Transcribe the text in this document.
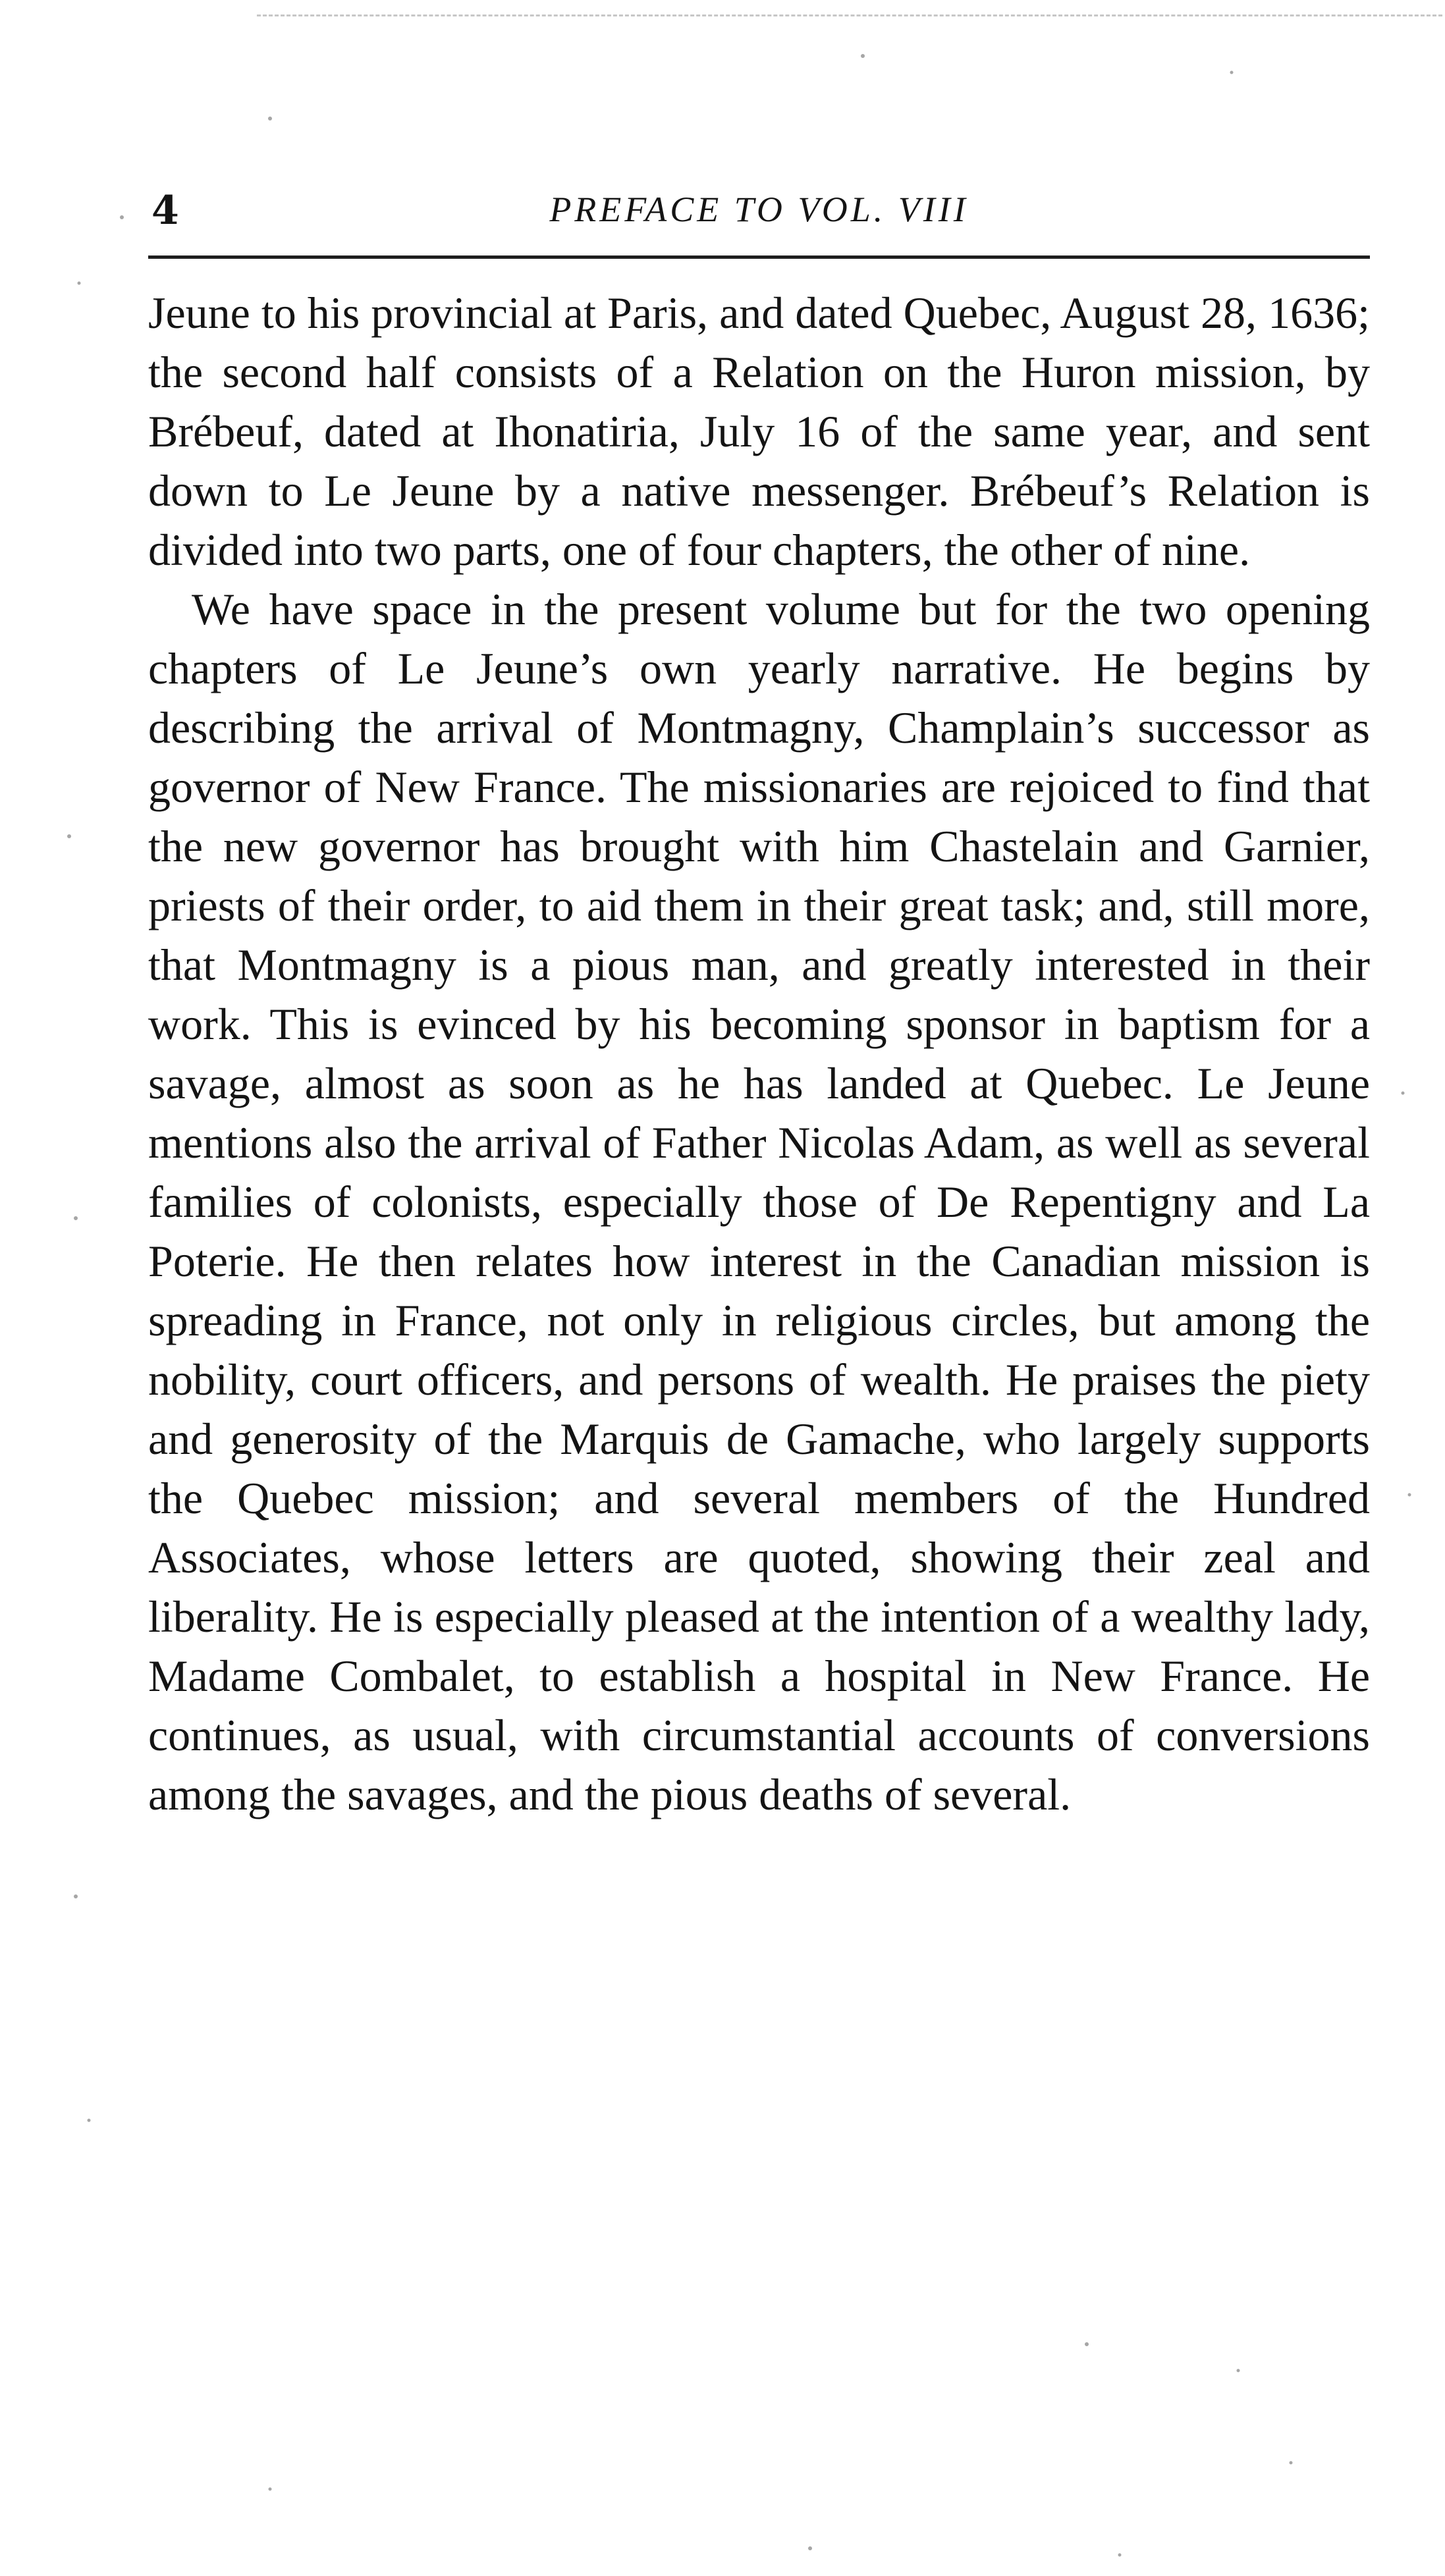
4	PREFACE TO VOL. VIII

Jeune to his provincial at Paris, and dated Quebec, August 28, 1636; the second half consists of a Relation on the Huron mission, by Brébeuf, dated at Ihonatiria, July 16 of the same year, and sent down to Le Jeune by a native messenger. Brébeuf’s Relation is divided into two parts, one of four chapters, the other of nine.

We have space in the present volume but for the two opening chapters of Le Jeune’s own yearly narrative. He begins by describing the arrival of Montmagny, Champlain’s successor as governor of New France. The missionaries are rejoiced to find that the new governor has brought with him Chastelain and Garnier, priests of their order, to aid them in their great task; and, still more, that Montmagny is a pious man, and greatly interested in their work. This is evinced by his becoming sponsor in baptism for a savage, almost as soon as he has landed at Quebec. Le Jeune mentions also the arrival of Father Nicolas Adam, as well as several families of colonists, especially those of De Repentigny and La Poterie. He then relates how interest in the Canadian mission is spreading in France, not only in religious circles, but among the nobility, court officers, and persons of wealth. He praises the piety and generosity of the Marquis de Gamache, who largely supports the Quebec mission; and several members of the Hundred Associates, whose letters are quoted, showing their zeal and liberality. He is especially pleased at the intention of a wealthy lady, Madame Combalet, to establish a hospital in New France. He continues, as usual, with circumstantial accounts of conversions among the savages, and the pious deaths of several.
